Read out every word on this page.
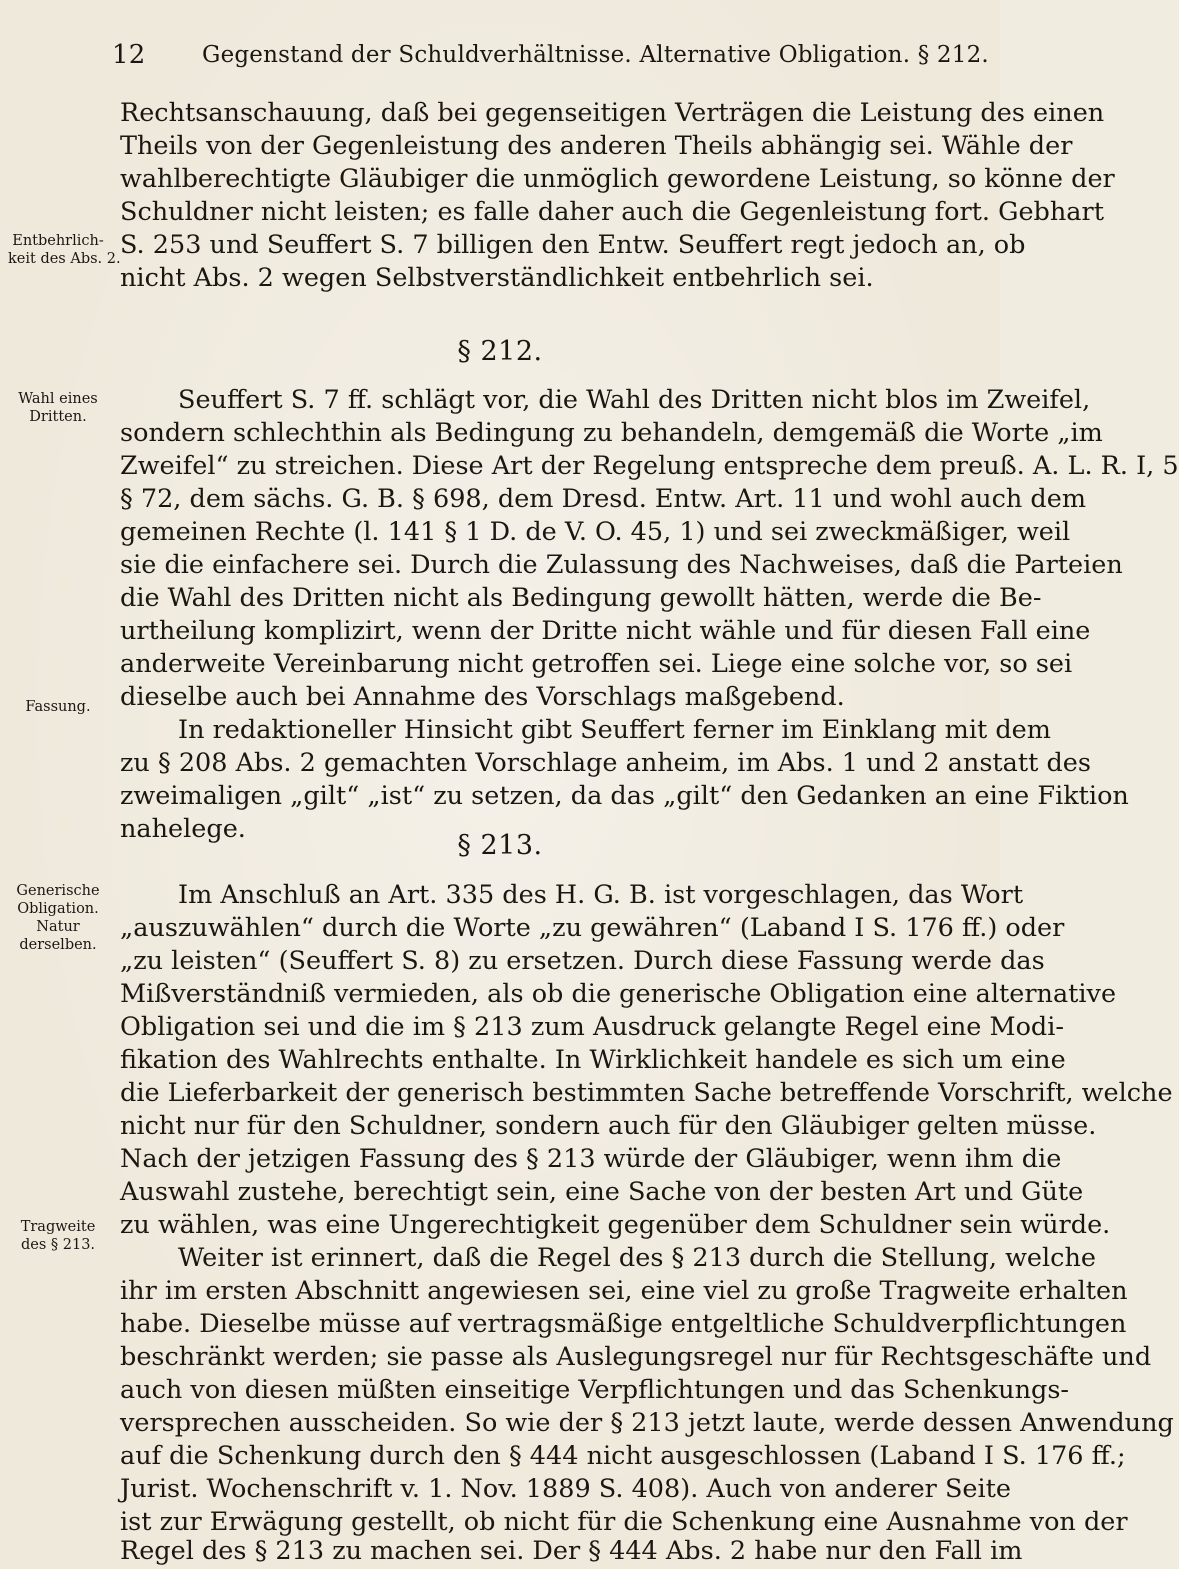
12 Gegenstand der Schuldverhältnisse. Alternative Obligation. § 212.
Entbehrlich-
keit des Abs. 2.
Wahl eines
Dritten.
Fassung.
Generische
Obligation.
Natur
derselben.
Tragweite
des § 213.
§ 212.
§ 213.
Rechtsanschauung, daß bei gegenseitigen Verträgen die Leistung des einen
Theils von der Gegenleistung des anderen Theils abhängig sei. Wähle der
wahlberechtigte Gläubiger die unmöglich gewordene Leistung, so könne der
Schuldner nicht leisten; es falle daher auch die Gegenleistung fort. Gebhart
S. 253 und Seuffert S. 7 billigen den Entw. Seuffert regt jedoch an, ob
nicht Abs. 2 wegen Selbstverständlichkeit entbehrlich sei.
Seuffert S. 7 ff. schlägt vor, die Wahl des Dritten nicht blos im Zweifel,
sondern schlechthin als Bedingung zu behandeln, demgemäß die Worte „im
Zweifel“ zu streichen. Diese Art der Regelung entspreche dem preuß. A. L. R. I, 5
§ 72, dem sächs. G. B. § 698, dem Dresd. Entw. Art. 11 und wohl auch dem
gemeinen Rechte (l. 141 § 1 D. de V. O. 45, 1) und sei zweckmäßiger, weil
sie die einfachere sei. Durch die Zulassung des Nachweises, daß die Parteien
die Wahl des Dritten nicht als Bedingung gewollt hätten, werde die Be-
urtheilung komplizirt, wenn der Dritte nicht wähle und für diesen Fall eine
anderweite Vereinbarung nicht getroffen sei. Liege eine solche vor, so sei
dieselbe auch bei Annahme des Vorschlags maßgebend.
In redaktioneller Hinsicht gibt Seuffert ferner im Einklang mit dem
zu § 208 Abs. 2 gemachten Vorschlage anheim, im Abs. 1 und 2 anstatt des
zweimaligen „gilt“ „ist“ zu setzen, da das „gilt“ den Gedanken an eine Fiktion
nahelege.
Im Anschluß an Art. 335 des H. G. B. ist vorgeschlagen, das Wort
„auszuwählen“ durch die Worte „zu gewähren“ (Laband I S. 176 ff.) oder
„zu leisten“ (Seuffert S. 8) zu ersetzen. Durch diese Fassung werde das
Mißverständniß vermieden, als ob die generische Obligation eine alternative
Obligation sei und die im § 213 zum Ausdruck gelangte Regel eine Modi-
fikation des Wahlrechts enthalte. In Wirklichkeit handele es sich um eine
die Lieferbarkeit der generisch bestimmten Sache betreffende Vorschrift, welche
nicht nur für den Schuldner, sondern auch für den Gläubiger gelten müsse.
Nach der jetzigen Fassung des § 213 würde der Gläubiger, wenn ihm die
Auswahl zustehe, berechtigt sein, eine Sache von der besten Art und Güte
zu wählen, was eine Ungerechtigkeit gegenüber dem Schuldner sein würde.
Weiter ist erinnert, daß die Regel des § 213 durch die Stellung, welche
ihr im ersten Abschnitt angewiesen sei, eine viel zu große Tragweite erhalten
habe. Dieselbe müsse auf vertragsmäßige entgeltliche Schuldverpflichtungen
beschränkt werden; sie passe als Auslegungsregel nur für Rechtsgeschäfte und
auch von diesen müßten einseitige Verpflichtungen und das Schenkungs-
versprechen ausscheiden. So wie der § 213 jetzt laute, werde dessen Anwendung
auf die Schenkung durch den § 444 nicht ausgeschlossen (Laband I S. 176 ff.;
Jurist. Wochenschrift v. 1. Nov. 1889 S. 408). Auch von anderer Seite
ist zur Erwägung gestellt, ob nicht für die Schenkung eine Ausnahme von der
Regel des § 213 zu machen sei. Der § 444 Abs. 2 habe nur den Fall im
